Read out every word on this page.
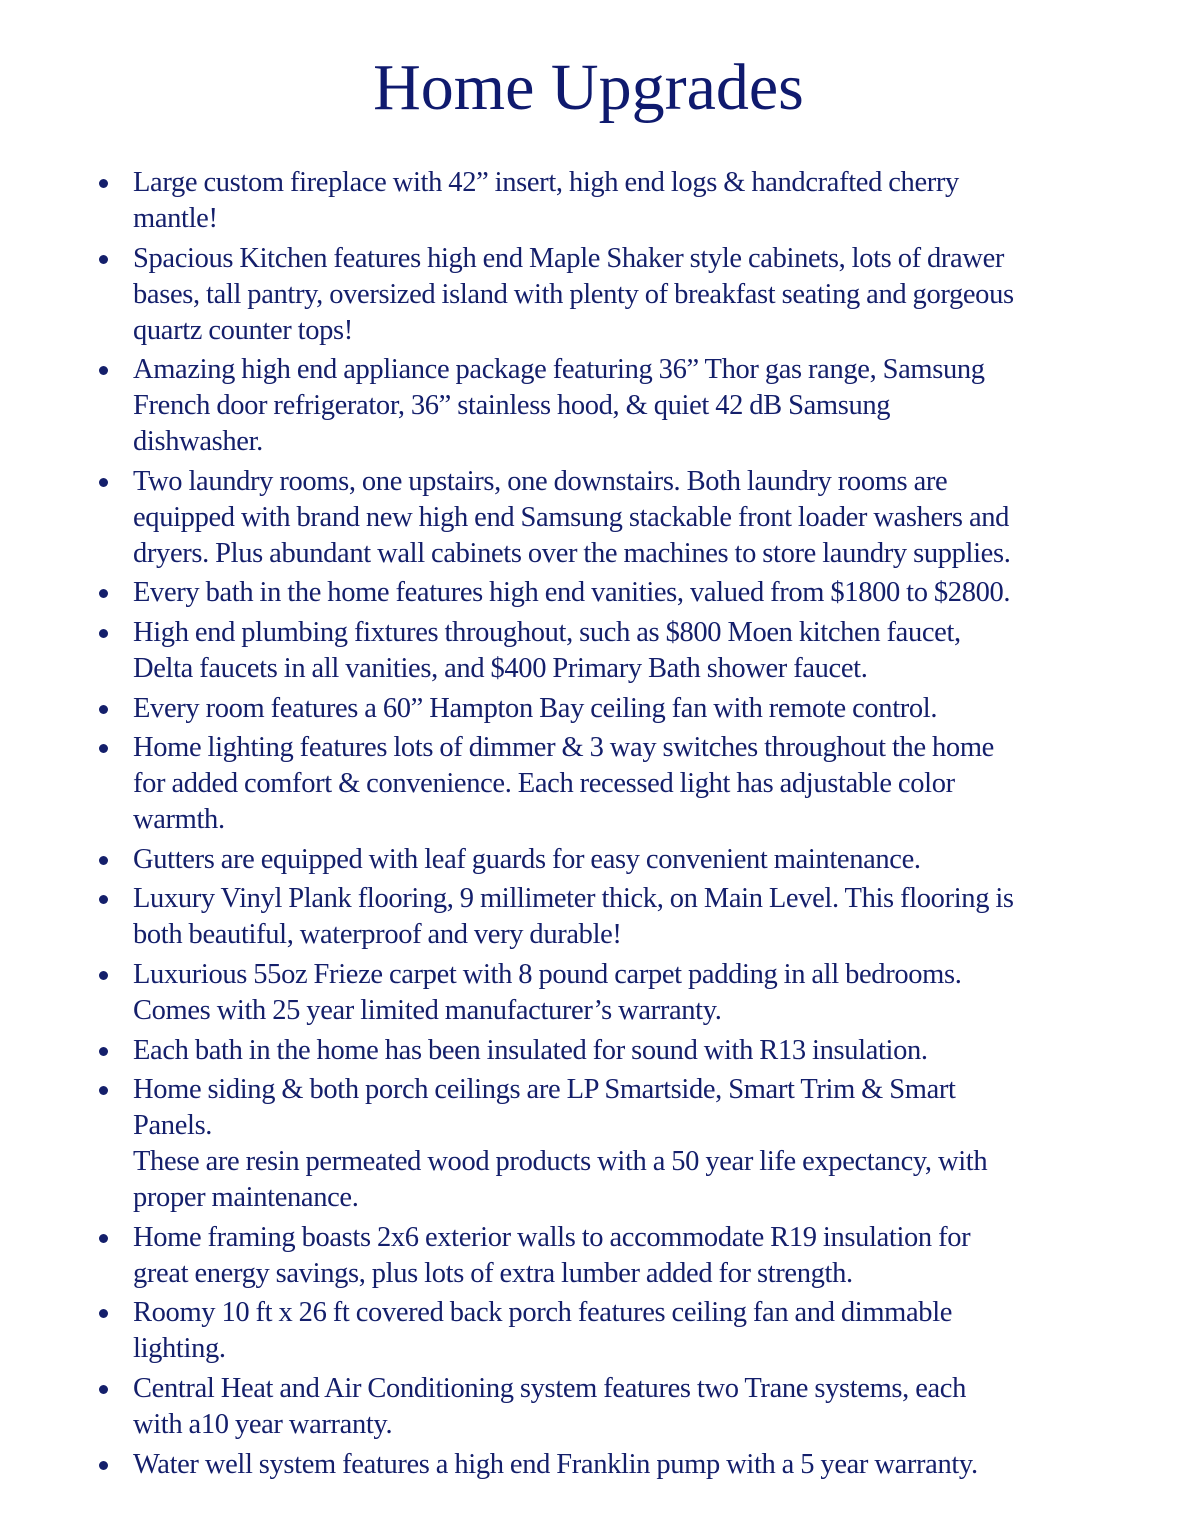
Home Upgrades
Large custom fireplace with 42” insert, high end logs & handcrafted cherry
mantle!
Spacious Kitchen features high end Maple Shaker style cabinets, lots of drawer
bases, tall pantry, oversized island with plenty of breakfast seating and gorgeous
quartz counter tops!
Amazing high end appliance package featuring 36” Thor gas range, Samsung
French door refrigerator, 36” stainless hood, & quiet 42 dB Samsung
dishwasher.
Two laundry rooms, one upstairs, one downstairs. Both laundry rooms are
equipped with brand new high end Samsung stackable front loader washers and
dryers. Plus abundant wall cabinets over the machines to store laundry supplies.
Every bath in the home features high end vanities, valued from $1800 to $2800.
High end plumbing fixtures throughout, such as $800 Moen kitchen faucet,
Delta faucets in all vanities, and $400 Primary Bath shower faucet.
Every room features a 60” Hampton Bay ceiling fan with remote control.
Home lighting features lots of dimmer & 3 way switches throughout the home
for added comfort & convenience. Each recessed light has adjustable color
warmth.
Gutters are equipped with leaf guards for easy convenient maintenance.
Luxury Vinyl Plank flooring, 9 millimeter thick, on Main Level. This flooring is
both beautiful, waterproof and very durable!
Luxurious 55oz Frieze carpet with 8 pound carpet padding in all bedrooms.
Comes with 25 year limited manufacturer’s warranty.
Each bath in the home has been insulated for sound with R13 insulation.
Home siding & both porch ceilings are LP Smartside, Smart Trim & Smart
Panels.
These are resin permeated wood products with a 50 year life expectancy, with
proper maintenance.
Home framing boasts 2x6 exterior walls to accommodate R19 insulation for
great energy savings, plus lots of extra lumber added for strength.
Roomy 10 ft x 26 ft covered back porch features ceiling fan and dimmable
lighting.
Central Heat and Air Conditioning system features two Trane systems, each
with a10 year warranty.
Water well system features a high end Franklin pump with a 5 year warranty.
